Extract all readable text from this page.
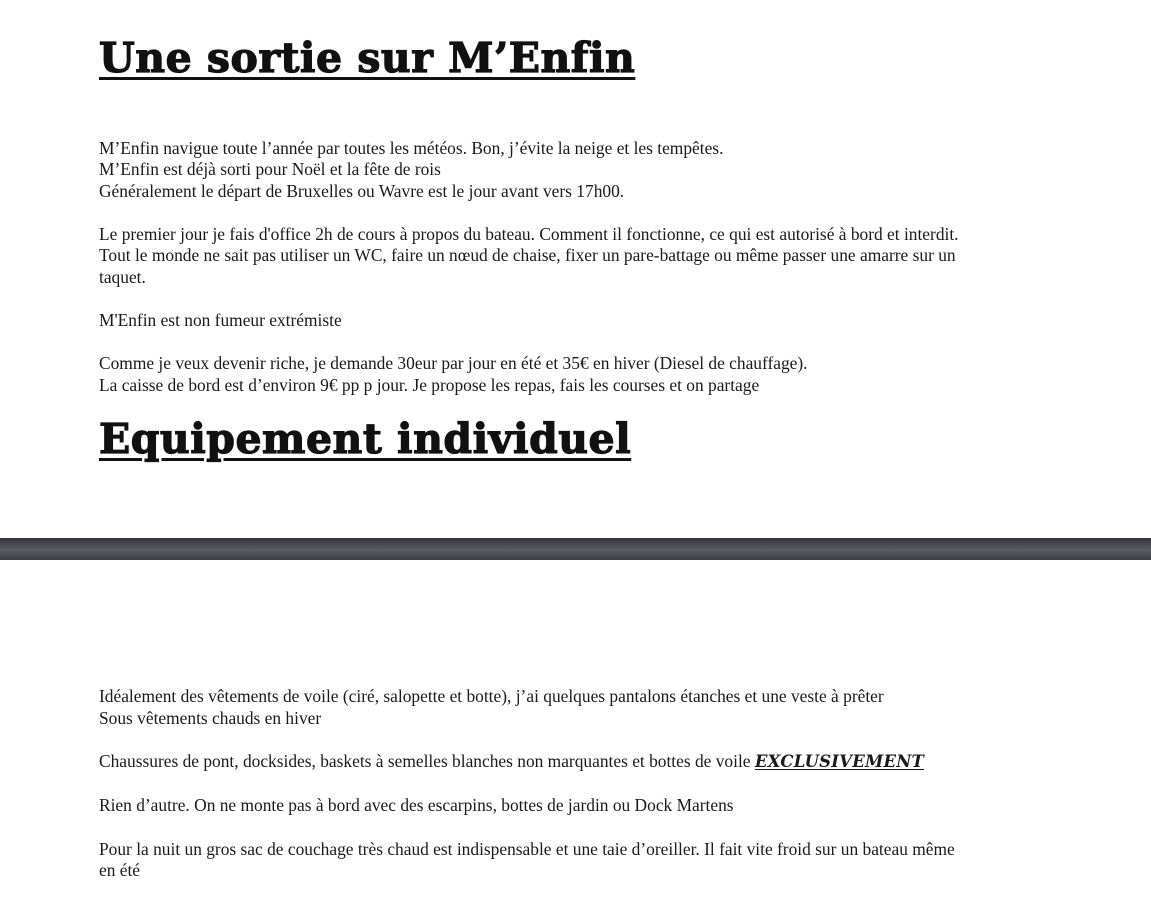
Une sortie sur M’Enfin
M’Enfin navigue toute l’année par toutes les météos. Bon, j’évite la neige et les tempêtes.
M’Enfin est déjà sorti pour Noël et la fête de rois
Généralement le départ de Bruxelles ou Wavre est le jour avant vers 17h00.
Le premier jour je fais d'office 2h de cours à propos du bateau. Comment il fonctionne, ce qui est autorisé à bord et interdit.
Tout le monde ne sait pas utiliser un WC, faire un nœud de chaise, fixer un pare-battage ou même passer une amarre sur un
taquet.
M'Enfin est non fumeur extrémiste
Comme je veux devenir riche, je demande 30eur par jour en été et 35€ en hiver (Diesel de chauffage).
La caisse de bord est d’environ 9€ pp p jour. Je propose les repas, fais les courses et on partage
Equipement individuel
Idéalement des vêtements de voile (ciré, salopette et botte), j’ai quelques pantalons étanches et une veste à prêter
Sous vêtements chauds en hiver
Chaussures de pont, docksides, baskets à semelles blanches non marquantes et bottes de voile EXCLUSIVEMENT
Rien d’autre. On ne monte pas à bord avec des escarpins, bottes de jardin ou Dock Martens
Pour la nuit un gros sac de couchage très chaud est indispensable et une taie d’oreiller. Il fait vite froid sur un bateau même
en été
